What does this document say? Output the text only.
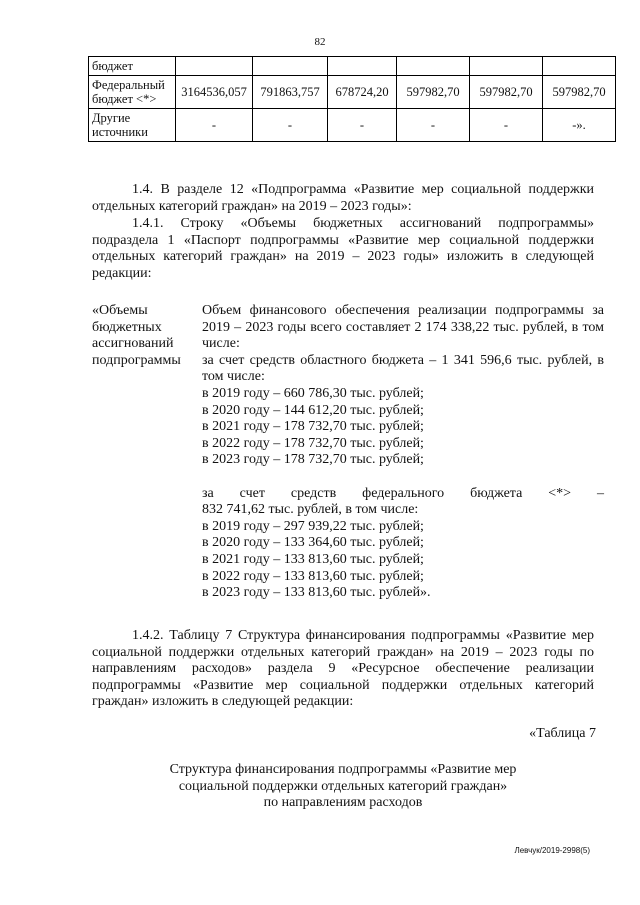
82
бюджет						
Федеральный бюджет <*>	3164536,057	791863,757	678724,20	597982,70	597982,70	597982,70
Другие источники	-	-	-	-	-	-».
1.4. В разделе 12 «Подпрограмма «Развитие мер социальной поддержки отдельных категорий граждан» на 2019 – 2023 годы»:
1.4.1. Строку «Объемы бюджетных ассигнований подпрограммы» подраздела 1 «Паспорт подпрограммы «Развитие мер социальной поддержки отдельных категорий граждан» на 2019 – 2023 годы» изложить в следующей редакции:
«Объемы
бюджетных
ассигнований
подпрограммы

Объем финансового обеспечения реализации подпрограммы за 2019 – 2023 годы всего составляет 2 174 338,22 тыс. рублей, в том числе:

за счет средств областного бюджета – 1 341 596,6 тыс. рублей, в том числе:

в 2019 году – 660 786,30 тыс. рублей;
в 2020 году – 144 612,20 тыс. рублей;
в 2021 году – 178 732,70 тыс. рублей;
в 2022 году – 178 732,70 тыс. рублей;
в 2023 году – 178 732,70 тыс. рублей;
за счет средств федерального бюджета <*> –
832 741,62 тыс. рублей, в том числе:
в 2019 году – 297 939,22 тыс. рублей;
в 2020 году – 133 364,60 тыс. рублей;
в 2021 году – 133 813,60 тыс. рублей;
в 2022 году – 133 813,60 тыс. рублей;
в 2023 году – 133 813,60 тыс. рублей».
1.4.2. Таблицу 7 Структура финансирования подпрограммы «Развитие мер социальной поддержки отдельных категорий граждан» на 2019 – 2023 годы по направлениям расходов» раздела 9 «Ресурсное обеспечение реализации подпрограммы «Развитие мер социальной поддержки отдельных категорий граждан» изложить в следующей редакции:
«Таблица 7
Структура финансирования подпрограммы «Развитие мер
социальной поддержки отдельных категорий граждан»
по направлениям расходов
Левчук/2019-2998(5)
